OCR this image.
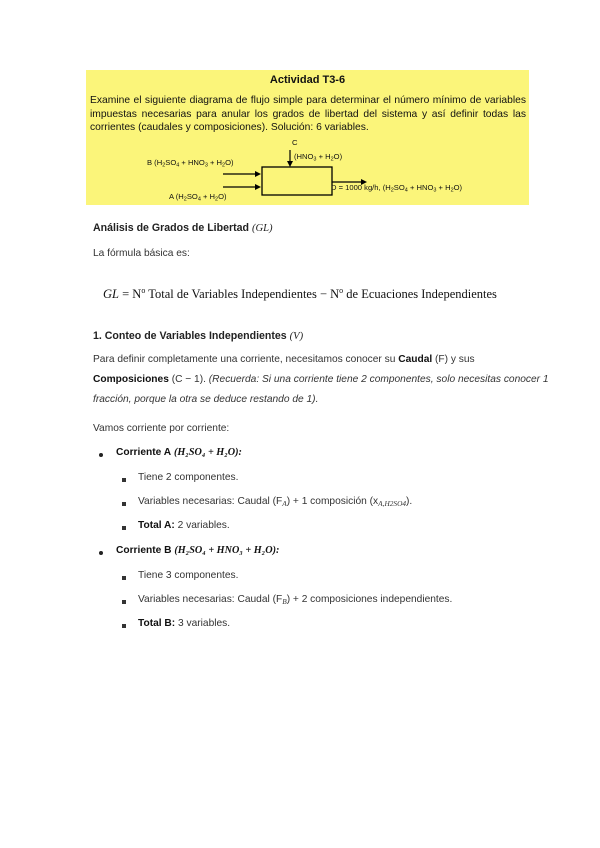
Actividad T3-6
Examine el siguiente diagrama de flujo simple para determinar el número mínimo de variables impuestas necesarias para anular los grados de libertad del sistema y así definir todas las corrientes (caudales y composiciones). Solución: 6 variables.
C
$(HNO_3 + H_2O)$
B $(H_2SO_4 + HNO_3 + H_2O)$
A $(H_2SO_4 + H_2O)$
D = 1000 kg/h, $(H_2SO_4 + HNO_3 + H_2O)$
Análisis de Grados de Libertad (GL)
La fórmula básica es:
GL = $N^o$ Total de Variables Independientes − $N^o$ de Ecuaciones Independientes
1. Conteo de Variables Independientes (V)
Para definir completamente una corriente, necesitamos conocer su Caudal (F) y sus Composiciones (C − 1). (Recuerda: Si una corriente tiene 2 componentes, solo necesitas conocer 1 fracción, porque la otra se deduce restando de 1).
Vamos corriente por corriente:
Corriente A (H₂SO₄ + H₂O):
Tiene 2 componentes.
Variables necesarias: Caudal (FA) + 1 composición (xA,H2SO4).
Total A: 2 variables.
Corriente B (H₂SO₄ + HNO₃ + H₂O):
Tiene 3 componentes.
Variables necesarias: Caudal (FB) + 2 composiciones independientes.
Total B: 3 variables.
